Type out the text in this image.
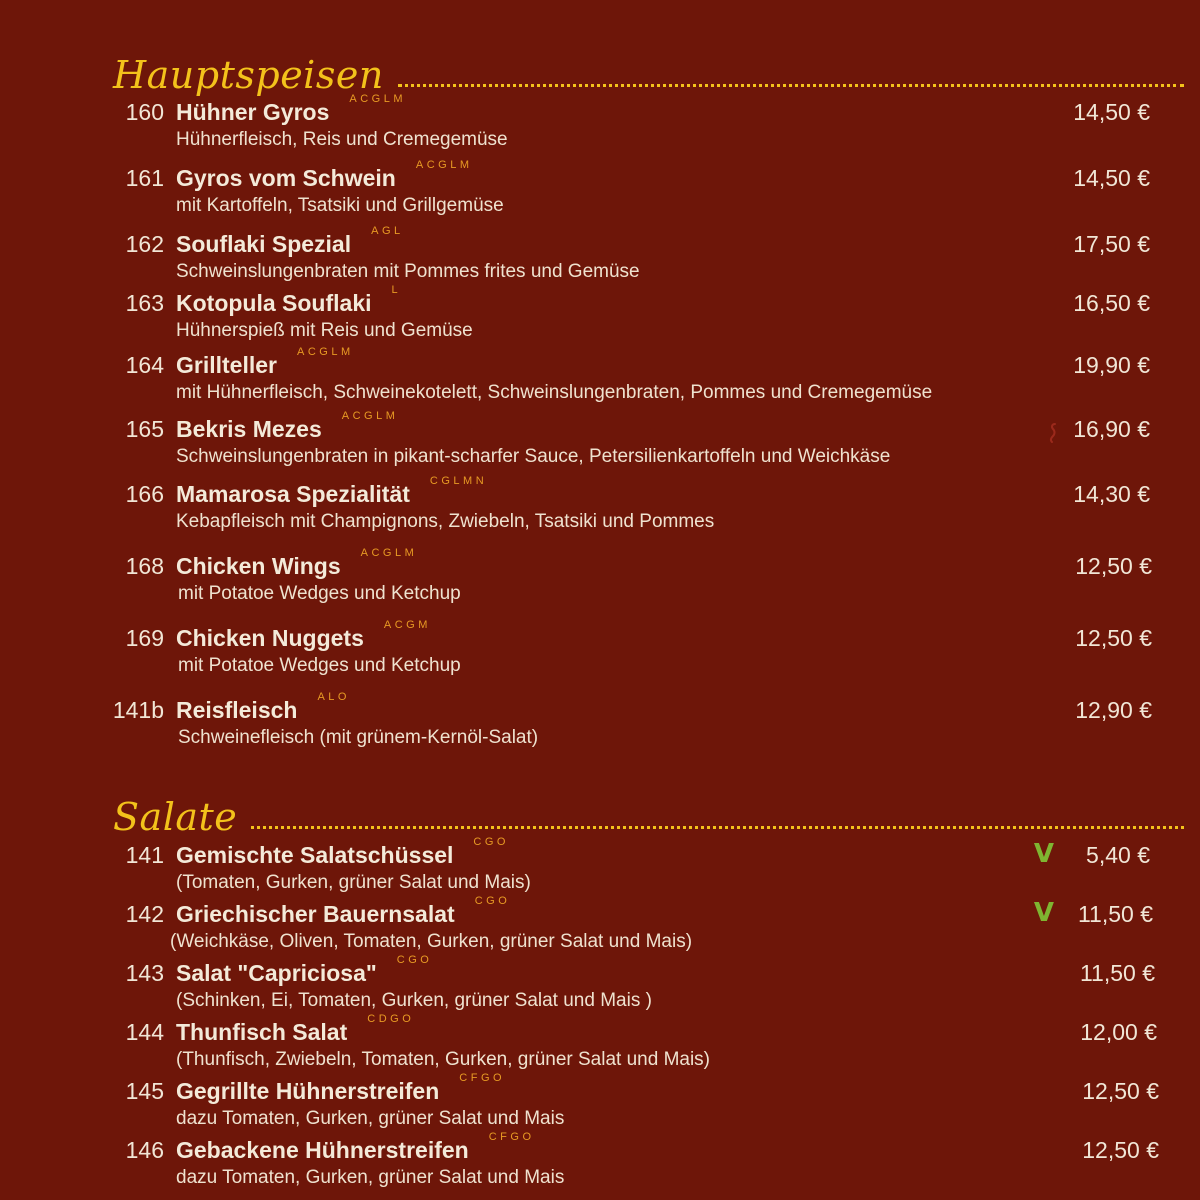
Hauptspeisen
160 Hühner Gyros ACGLM
Hühnerfleisch, Reis und Cremegemüse
14,50 €
161 Gyros vom Schwein ACGLM
mit Kartoffeln, Tsatsiki und Grillgemüse
14,50 €
162 Souflaki Spezial AGL
Schweinslungenbraten mit Pommes frites und Gemüse
17,50 €
163 Kotopula Souflaki L
Hühnerspieß mit Reis und Gemüse
16,50 €
164 Grillteller ACGLM
mit Hühnerfleisch, Schweinekotelett, Schweinslungenbraten, Pommes und Cremegemüse
19,90 €
165 Bekris Mezes ACGLM
Schweinslungenbraten in pikant-scharfer Sauce, Petersilienkartoffeln und Weichkäse
16,90 €
166 Mamarosa Spezialität CGLMN
Kebapfleisch mit Champignons, Zwiebeln, Tsatsiki und Pommes
14,30 €
168 Chicken Wings ACGLM
mit Potatoe Wedges und Ketchup
12,50 €
169 Chicken Nuggets ACGM
mit Potatoe Wedges und Ketchup
12,50 €
141b Reisfleisch ALO
Schweinefleisch (mit grünem-Kernöl-Salat)
12,90 €
Salate
141 Gemischte Salatschüssel CGO
(Tomaten, Gurken, grüner Salat und Mais)
V 5,40 €
142 Griechischer Bauernsalat CGO
(Weichkäse, Oliven, Tomaten, Gurken, grüner Salat und Mais)
V 11,50 €
143 Salat "Capriciosa" CGO
(Schinken, Ei, Tomaten, Gurken, grüner Salat und Mais )
11,50 €
144 Thunfisch Salat CDGO
(Thunfisch, Zwiebeln, Tomaten, Gurken, grüner Salat und Mais)
12,00 €
145 Gegrillte Hühnerstreifen CFGO
dazu Tomaten, Gurken, grüner Salat und Mais
12,50 €
146 Gebackene Hühnerstreifen CFGO
dazu Tomaten, Gurken, grüner Salat und Mais
12,50 €
